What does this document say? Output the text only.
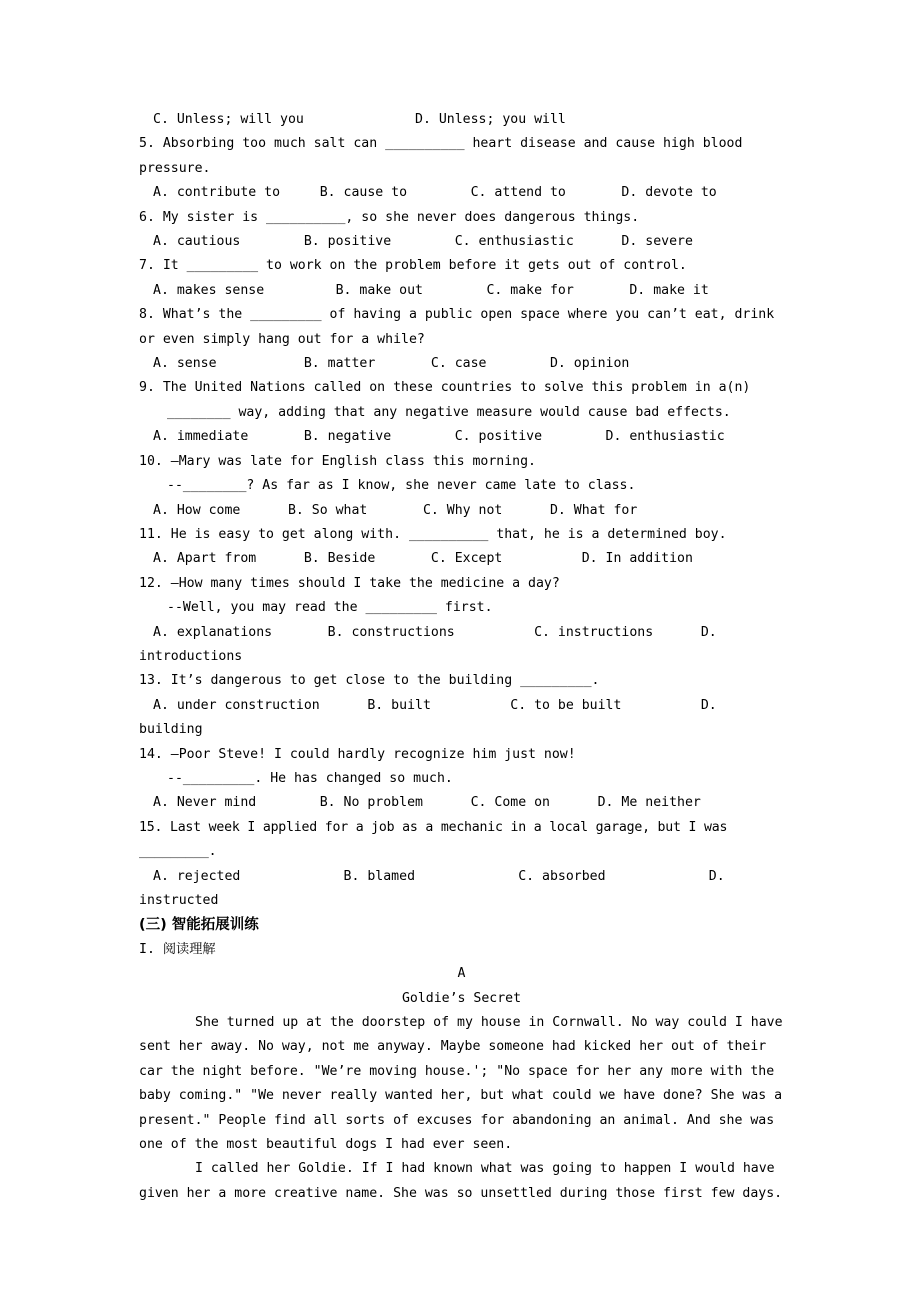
C. Unless; will you              D. Unless; you will
5. Absorbing too much salt can __________ heart disease and cause high blood
pressure.
A. contribute to     B. cause to        C. attend to       D. devote to
6. My sister is __________, so she never does dangerous things.
A. cautious        B. positive        C. enthusiastic      D. severe
7. It _________ to work on the problem before it gets out of control.
A. makes sense         B. make out        C. make for       D. make it
8. What’s the _________ of having a public open space where you can’t eat, drink
or even simply hang out for a while?
A. sense           B. matter       C. case        D. opinion
9. The United Nations called on these countries to solve this problem in a(n)
________ way, adding that any negative measure would cause bad effects.
A. immediate       B. negative        C. positive        D. enthusiastic
10. –Mary was late for English class this morning.
--________? As far as I know, she never came late to class.
A. How come      B. So what       C. Why not      D. What for
11. He is easy to get along with. __________ that, he is a determined boy.
A. Apart from      B. Beside       C. Except          D. In addition
12. –How many times should I take the medicine a day?
--Well, you may read the _________ first.
A. explanations       B. constructions          C. instructions      D.
introductions
13. It’s dangerous to get close to the building _________.
A. under construction      B. built          C. to be built          D.
building
14. –Poor Steve! I could hardly recognize him just now!
--_________. He has changed so much.
A. Never mind        B. No problem      C. Come on      D. Me neither
15. Last week I applied for a job as a mechanic in a local garage, but I was _________.
A. rejected             B. blamed             C. absorbed             D.
instructed
(三) 智能拓展训练
I. 阅读理解
A
Goldie’s Secret
She turned up at the doorstep of my house in Cornwall. No way could I have sent her away. No way, not me anyway. Maybe someone had kicked her out of their car the night before. "We’re moving house.'; "No space for her any more with the baby coming." "We never really wanted her, but what could we have done? She was a present." People find all sorts of excuses for abandoning an animal. And she was one of the most beautiful dogs I had ever seen.
I called her Goldie. If I had known what was going to happen I would have given her a more creative name. She was so unsettled during those first few days.
